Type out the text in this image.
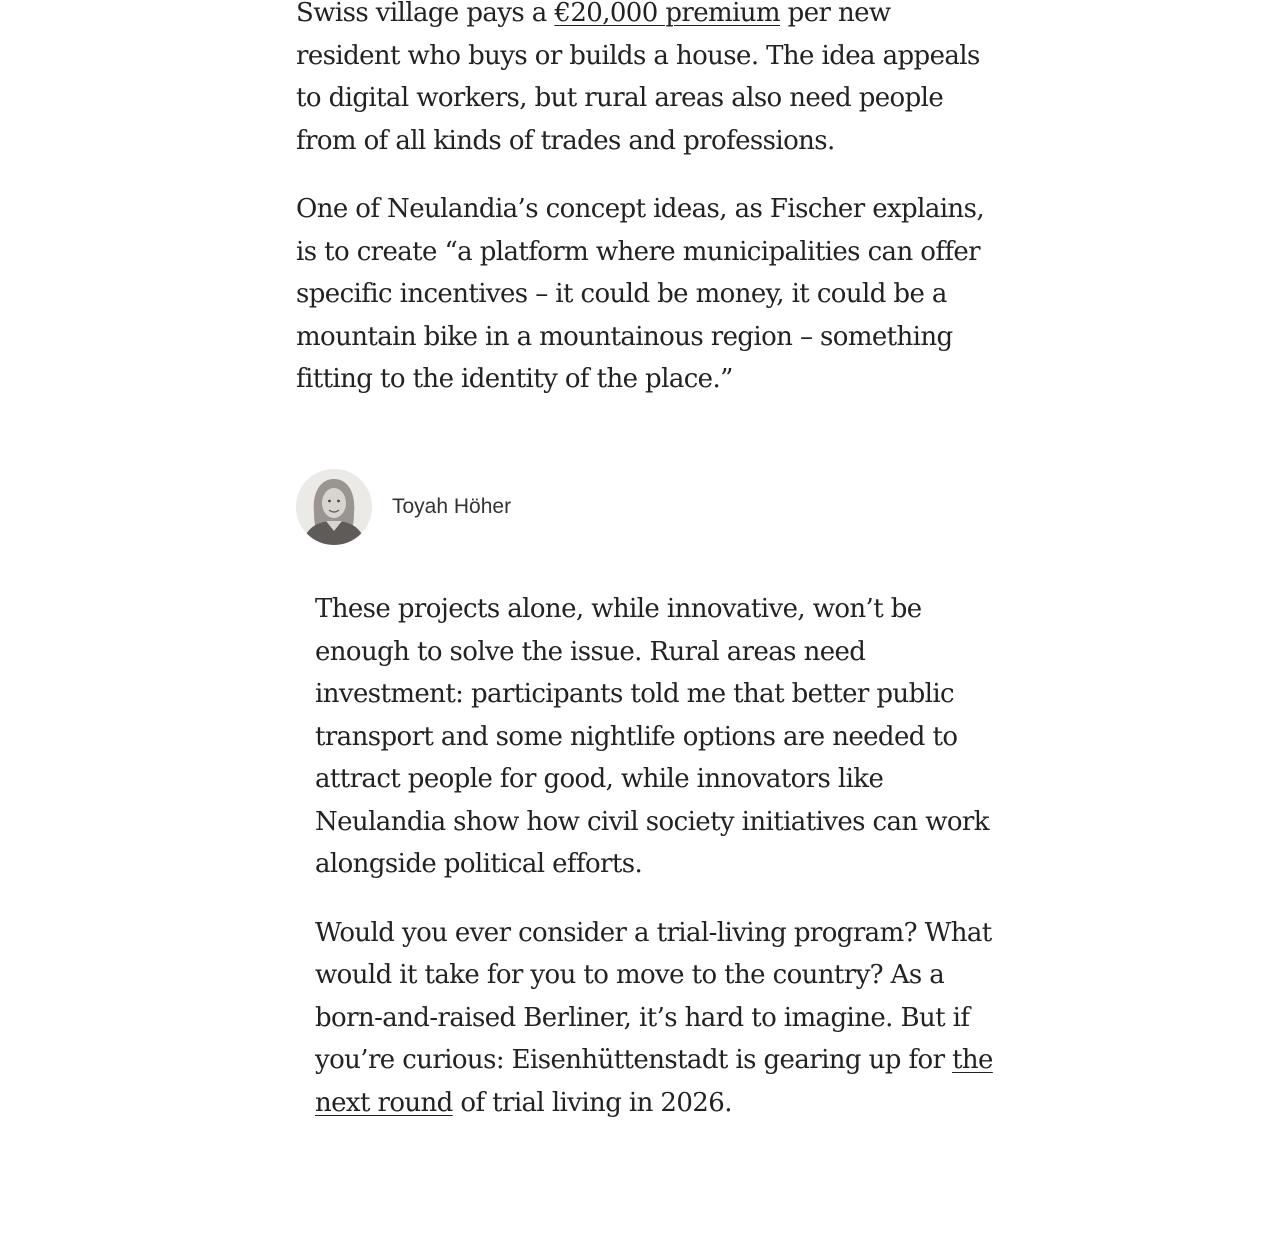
Swiss village pays a €20,000 premium per new resident who buys or builds a house. The idea appeals to digital workers, but rural areas also need people from of all kinds of trades and professions.

One of Neulandia’s concept ideas, as Fischer explains, is to create “a platform where municipalities can offer specific incentives – it could be money, it could be a mountain bike in a mountainous region – something fitting to the identity of the place.”

Toyah Höher

These projects alone, while innovative, won’t be enough to solve the issue. Rural areas need investment: participants told me that better public transport and some nightlife options are needed to attract people for good, while innovators like Neulandia show how civil society initiatives can work alongside political efforts.

Would you ever consider a trial-living program? What would it take for you to move to the country? As a born-and-raised Berliner, it’s hard to imagine. But if you’re curious: Eisenhüttenstadt is gearing up for the next round of trial living in 2026.
